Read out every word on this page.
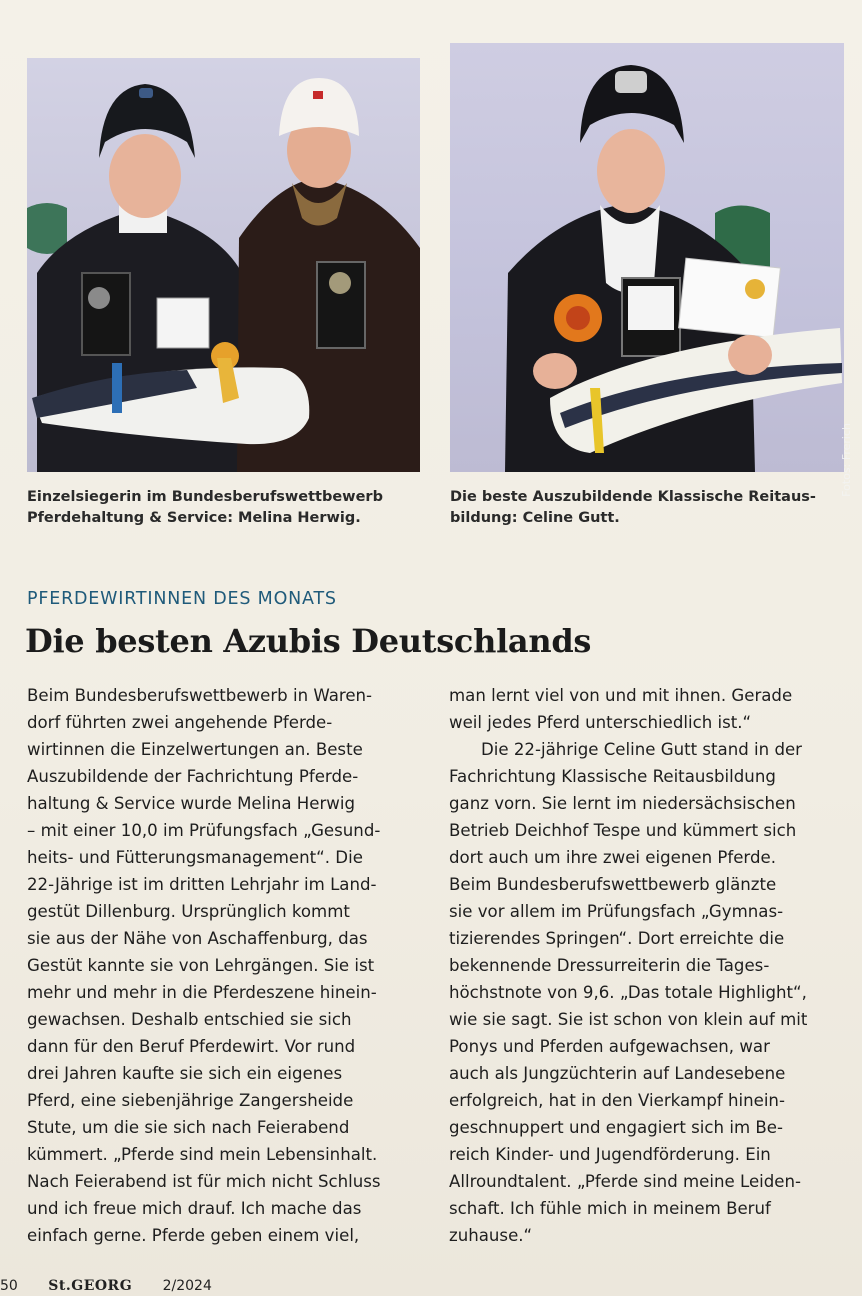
Fotos: Frerich
Einzelsiegerin im Bundesberufswettbewerb
Pferdehaltung & Service: Melina Herwig.
Die beste Auszubildende Klassische Reitaus-
bildung: Celine Gutt.
PFERDEWIRTINNEN DES MONATS
Die besten Azubis Deutschlands
Beim Bundesberufswettbewerb in Waren-
dorf führten zwei angehende Pferde-
wirtinnen die Einzelwertungen an. Beste
Auszubildende der Fachrichtung Pferde-
haltung & Service wurde Melina Herwig
– mit einer 10,0 im Prüfungsfach „Gesund-
heits- und Fütterungsmanagement“. Die
22-Jährige ist im dritten Lehrjahr im Land-
gestüt Dillenburg. Ursprünglich kommt
sie aus der Nähe von Aschaffenburg, das
Gestüt kannte sie von Lehrgängen. Sie ist
mehr und mehr in die Pferdeszene hinein-
gewachsen. Deshalb entschied sie sich
dann für den Beruf Pferdewirt. Vor rund
drei Jahren kaufte sie sich ein eigenes
Pferd, eine siebenjährige Zangersheide
Stute, um die sie sich nach Feierabend
kümmert. „Pferde sind mein Lebensinhalt.
Nach Feierabend ist für mich nicht Schluss
und ich freue mich drauf. Ich mache das
einfach gerne. Pferde geben einem viel,
man lernt viel von und mit ihnen. Gerade
weil jedes Pferd unterschiedlich ist.“
Die 22-jährige Celine Gutt stand in der
Fachrichtung Klassische Reitausbildung
ganz vorn. Sie lernt im niedersächsischen
Betrieb Deichhof Tespe und kümmert sich
dort auch um ihre zwei eigenen Pferde.
Beim Bundesberufswettbewerb glänzte
sie vor allem im Prüfungsfach „Gymnas-
tizierendes Springen“. Dort erreichte die
bekennende Dressurreiterin die Tages-
höchstnote von 9,6. „Das totale Highlight“,
wie sie sagt. Sie ist schon von klein auf mit
Ponys und Pferden aufgewachsen, war
auch als Jungzüchterin auf Landesebene
erfolgreich, hat in den Vierkampf hinein-
geschnuppert und engagiert sich im Be-
reich Kinder- und Jugendförderung. Ein
Allroundtalent. „Pferde sind meine Leiden-
schaft. Ich fühle mich in meinem Beruf
zuhause.“
50 St.GEORG 2/2024
